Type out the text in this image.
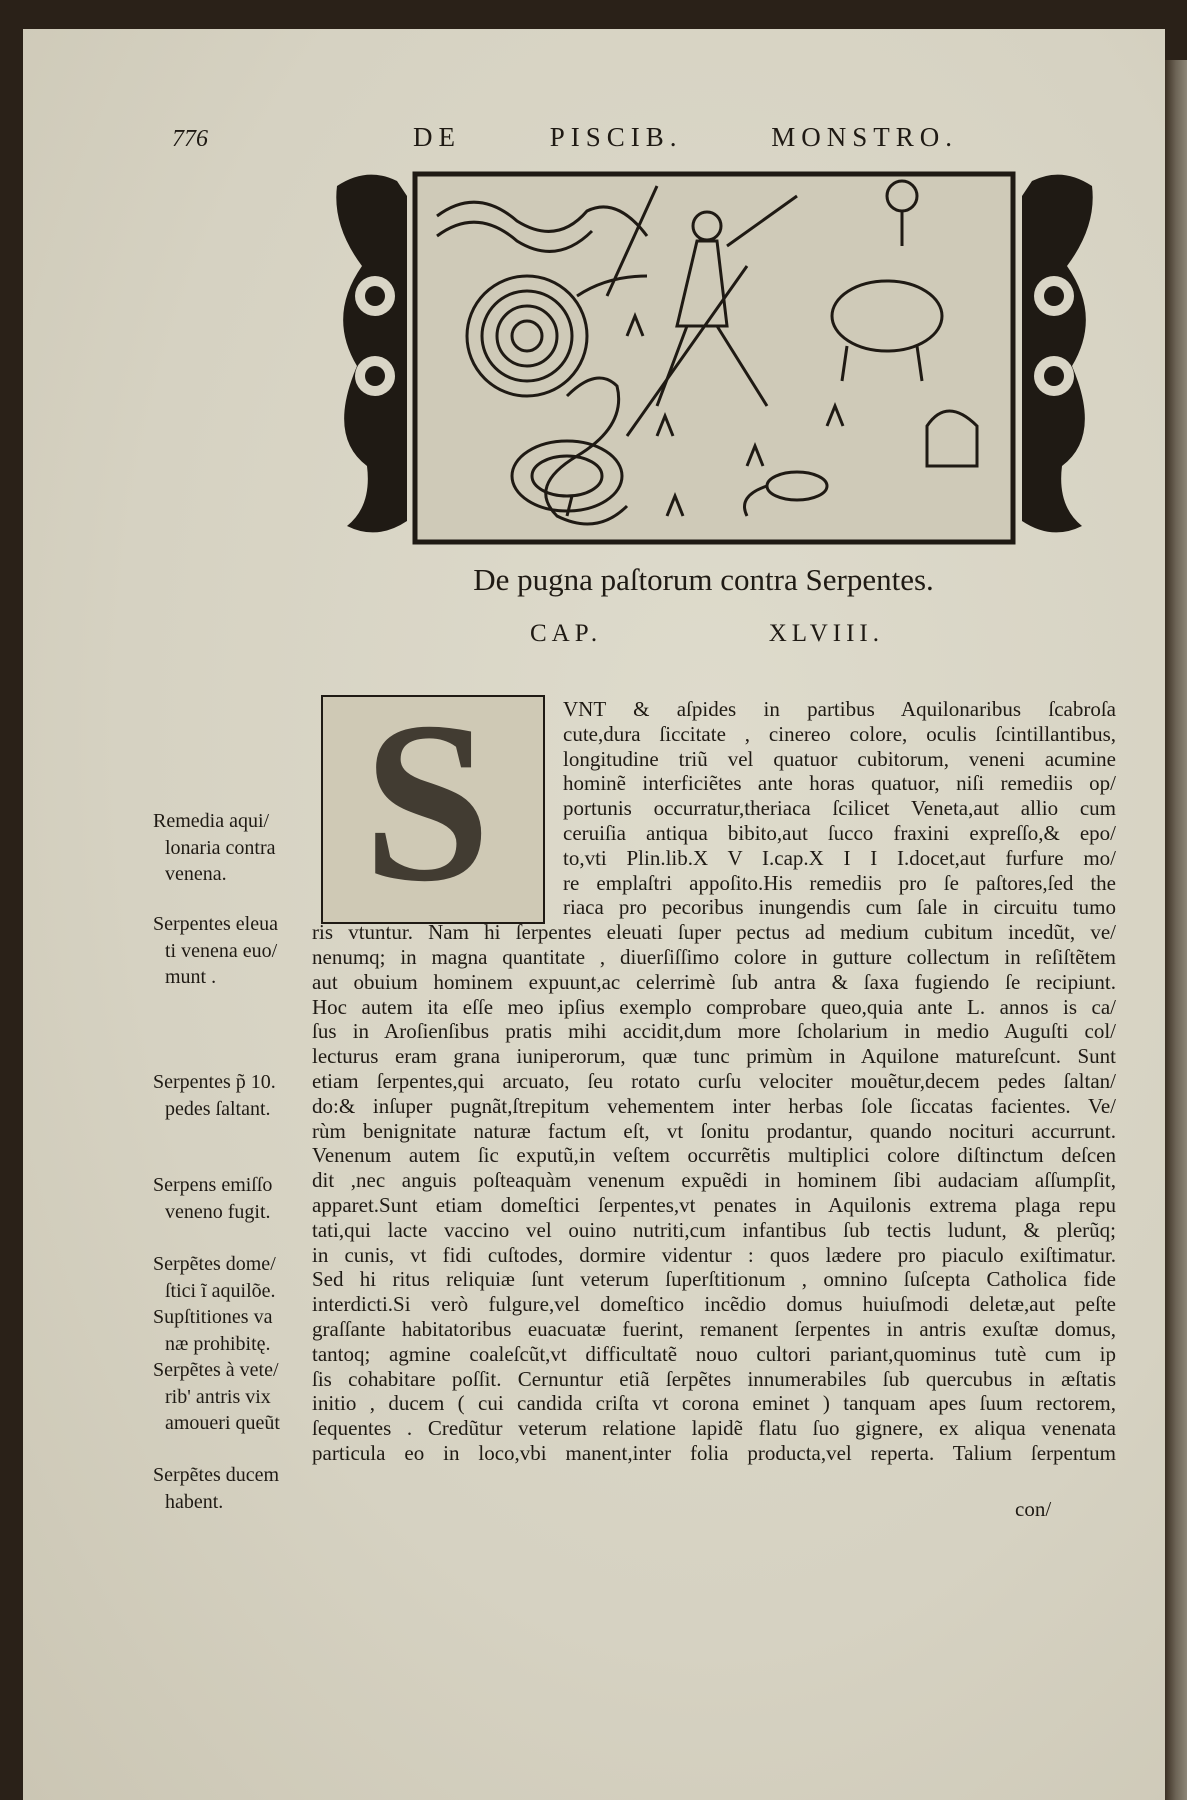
776	DE PISCIB. MONSTRO.
De pugna paſtorum contra Serpentes.
CAP. XLVIII.
S	VNT & aſpides in partibus Aquilonaribus ſcabroſa
cute,dura ſiccitate , cinereo colore, oculis ſcintillantibus,
longitudine triũ vel quatuor cubitorum, veneni acumine
hominẽ interficiẽtes ante horas quatuor, niſi remediis op/
portunis occurratur,theriaca ſcilicet Veneta,aut allio cum
ceruiſia antiqua bibito,aut ſucco fraxini expreſſo,& epo/
to,vti Plin.lib.X V I.cap.X I I I.docet,aut furfure mo/
re emplaſtri appoſito.His remediis pro ſe paſtores,ſed the
riaca pro pecoribus inungendis cum ſale in circuitu tumo
ris vtuntur. Nam hi ſerpentes eleuati ſuper pectus ad medium cubitum incedũt, ve/
nenumq; in magna quantitate , diuerſiſſimo colore in gutture collectum in reſiſtẽtem
aut obuium hominem expuunt,ac celerrimè ſub antra & ſaxa fugiendo ſe recipiunt.
Hoc autem ita eſſe meo ipſius exemplo comprobare queo,quia ante L. annos is ca/
ſus in Aroſienſibus pratis mihi accidit,dum more ſcholarium in medio Auguſti col/
lecturus eram grana iuniperorum, quæ tunc primùm in Aquilone matureſcunt. Sunt
etiam ſerpentes,qui arcuato, ſeu rotato curſu velociter mouẽtur,decem pedes ſaltan/
do:& inſuper pugnãt,ſtrepitum vehementem inter herbas ſole ſiccatas facientes. Ve/
rùm benignitate naturæ factum eſt, vt ſonitu prodantur, quando nocituri accurrunt.
Venenum autem ſic exputũ,in veſtem occurrẽtis multiplici colore diſtinctum deſcen
dit ,nec anguis poſteaquàm venenum expuẽdi in hominem ſibi audaciam aſſumpſit,
apparet.Sunt etiam domeſtici ſerpentes,vt penates in Aquilonis extrema plaga repu
tati,qui lacte vaccino vel ouino nutriti,cum infantibus ſub tectis ludunt, & plerũq;
in cunis, vt fidi cuſtodes, dormire videntur : quos lædere pro piaculo exiſtimatur.
Sed hi ritus reliquiæ ſunt veterum ſuperſtitionum , omnino ſuſcepta Catholica fide
interdicti.Si verò fulgure,vel domeſtico incẽdio domus huiuſmodi deletæ,aut peſte
graſſante habitatoribus euacuatæ fuerint, remanent ſerpentes in antris exuſtæ domus,
tantoq; agmine coaleſcũt,vt difficultatẽ nouo cultori pariant,quominus tutè cum ip
ſis cohabitare poſſit. Cernuntur etiã ſerpẽtes innumerabiles ſub quercubus in æſtatis
initio , ducem ( cui candida criſta vt corona eminet ) tanquam apes ſuum rectorem,
ſequentes . Credũtur veterum relatione lapidẽ flatu ſuo gignere, ex aliqua venenata
particula eo in loco,vbi manent,inter folia producta,vel reperta. Talium ſerpentum
con/
Remedia aqui/
lonaria contra
venena.
Serpentes eleua
ti venena euo/
munt .
Serpentes p̃ 10.
pedes ſaltant.
Serpens emiſſo
veneno fugit.
Serpẽtes dome/
ſtici ĩ aquilõe.
Supſtitiones va
næ prohibitę.
Serpẽtes à vete/
rib' antris vix
amoueri queũt
Serpẽtes ducem
habent.
